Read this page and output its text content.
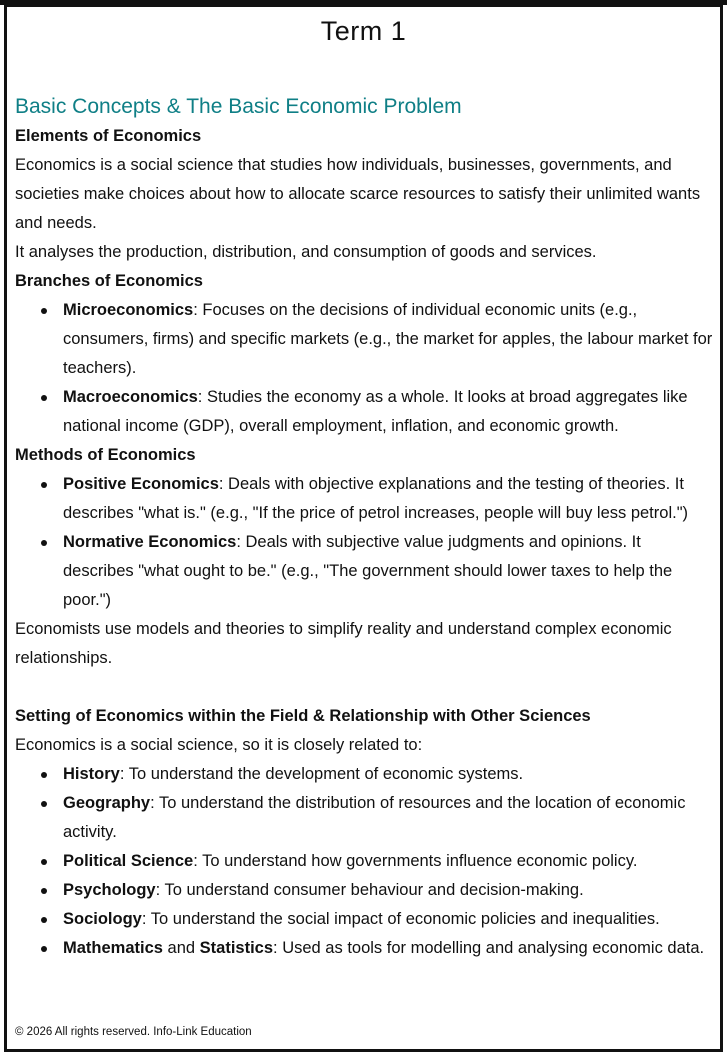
Term 1
Basic Concepts & The Basic Economic Problem

Elements of Economics

Economics is a social science that studies how individuals, businesses, governments, and societies make choices about how to allocate scarce resources to satisfy their unlimited wants and needs.

It analyses the production, distribution, and consumption of goods and services.

Branches of Economics

Microeconomics: Focuses on the decisions of individual economic units (e.g., consumers, firms) and specific markets (e.g., the market for apples, the labour market for teachers).
Macroeconomics: Studies the economy as a whole. It looks at broad aggregates like national income (GDP), overall employment, inflation, and economic growth.

Methods of Economics

Positive Economics: Deals with objective explanations and the testing of theories. It describes "what is." (e.g., "If the price of petrol increases, people will buy less petrol.")
Normative Economics: Deals with subjective value judgments and opinions. It describes "what ought to be." (e.g., "The government should lower taxes to help the poor.")

Economists use models and theories to simplify reality and understand complex economic relationships.

Setting of Economics within the Field & Relationship with Other Sciences

Economics is a social science, so it is closely related to:

History: To understand the development of economic systems.
Geography: To understand the distribution of resources and the location of economic activity.
Political Science: To understand how governments influence economic policy.
Psychology: To understand consumer behaviour and decision-making.
Sociology: To understand the social impact of economic policies and inequalities.
Mathematics and Statistics: Used as tools for modelling and analysing economic data.
© 2026 All rights reserved. Info-Link Education
